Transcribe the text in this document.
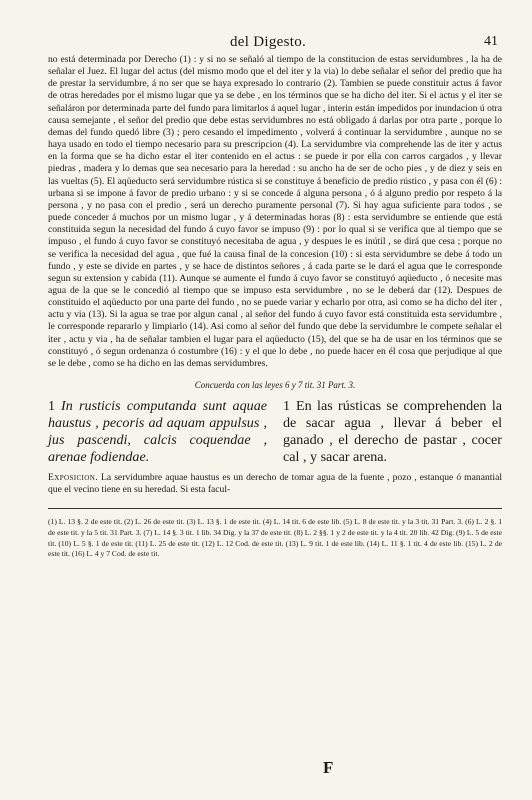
del Digesto.	41

no está determinada por Derecho (1) : y si no se señaló al tiempo de la constitucion de estas servidumbres , la ha de señalar el Juez. El lugar del actus (del mismo modo que el del iter y la via) lo debe señalar el señor del predio que ha de prestar la servidumbre, á no ser que se haya expresado lo contrario (2). Tambien se puede constituir actus á favor de otras heredades por el mismo lugar que ya se debe , en los términos que se ha dicho del iter. Si el actus y el iter se señaláron por determinada parte del fundo para limitarlos á aquel lugar , interin están impedidos por inundacion ú otra causa semejante , el señor del predio que debe estas servidumbres no está obligado á darlas por otra parte , porque lo demas del fundo quedó libre (3) ; pero cesando el impedimento , volverá á continuar la servidumbre , aunque no se haya usado en todo el tiempo necesario para su prescripcion (4). La servidumbre via comprehende las de iter y actus en la forma que se ha dicho estar el iter contenido en el actus : se puede ir por ella con carros cargados , y llevar piedras , madera y lo demas que sea necesario para la heredad : su ancho ha de ser de ocho pies , y de diez y seis en las vueltas (5). El aqüeducto será servidumbre rústica si se constituye á beneficio de predio rústico , y pasa con él (6) : urbana si se impone á favor de predio urbano : y si se concede á alguna persona , ó á alguno predio por respeto á la persona , y no pasa con el predio , será un derecho puramente personal (7). Si hay agua suficiente para todos , se puede conceder á muchos por un mismo lugar , y á determinadas horas (8) : esta servidumbre se entiende que está constituida segun la necesidad del fundo á cuyo favor se impuso (9) : por lo qual si se verifica que al tiempo que se impuso , el fundo á cuyo favor se constituyó necesitaba de agua , y despues le es inútil , se dirá que cesa ; porque no se verifica la necesidad del agua , que fué la causa final de la concesion (10) : si esta servidumbre se debe á todo un fundo , y este se divide en partes , y se hace de distintos señores , á cada parte se le dará el agua que le corresponde segun su extension y cabida (11). Aunque se aumente el fundo á cuyo favor se constituyó aqüeducto , ó necesite mas agua de la que se le concedió al tiempo que se impuso esta servidumbre , no se le deberá dar (12). Despues de constituido el aqüeducto por una parte del fundo , no se puede variar y echarlo por otra, asi como se ha dicho del iter , actu y via (13). Si la agua se trae por algun canal , al señor del fundo á cuyo favor está constituida esta servidumbre , le corresponde repararlo y limpiarlo (14). Asi como al señor del fundo que debe la servidumbre le compete señalar el iter , actu y via , ha de señalar tambien el lugar para el aqüeducto (15), del que se ha de usar en los términos que se constituyó , ó segun ordenanza ó costumbre (16) : y el que lo debe , no puede hacer en él cosa que perjudique al que se le debe , como se ha dicho en las demas servidumbres.

Concuerda con las leyes 6 y 7 tit. 31 Part. 3.
1 In rusticis computanda sunt aquae haustus , pecoris ad aquam appulsus , jus pascendi, calcis coquendae , arenae fodiendae.
1 En las rústicas se comprehenden la de sacar agua , llevar á beber el ganado , el derecho de pastar , cocer cal , y sacar arena.

Exposicion. La servidumbre aquae haustus es un derecho de tomar agua de la fuente , pozo , estanque ó manantial que el vecino tiene en su heredad. Si esta facul-

(1) L. 13 §. 2 de este tit. (2) L. 26 de este tit. (3) L. 13 §. 1 de este tit. (4) L. 14 tit. 6 de este lib. (5) L. 8 de este tit. y la 3 tit. 31 Part. 3. (6) L. 2 §. 1 de este tit. y la 5 tit. 31 Part. 3. (7) L. 14 §. 3 tit. 1 lib. 34 Dig. y la 37 de este tit. (8) L. 2 §§. 1 y 2 de este tit. y la 4 tit. 20 lib. 42 Dig. (9) L. 5 de este tit. (10) L. 5 §. 1 de este tit. (11) L. 25 de este tit. (12) L. 12 Cod. de este tit. (13) L. 9 tit. 1 de este lib. (14) L. 11 §. 1 tit. 4 de este lib. (15) L. 2 de este tit. (16) L. 4 y 7 Cod. de este tit.

F
